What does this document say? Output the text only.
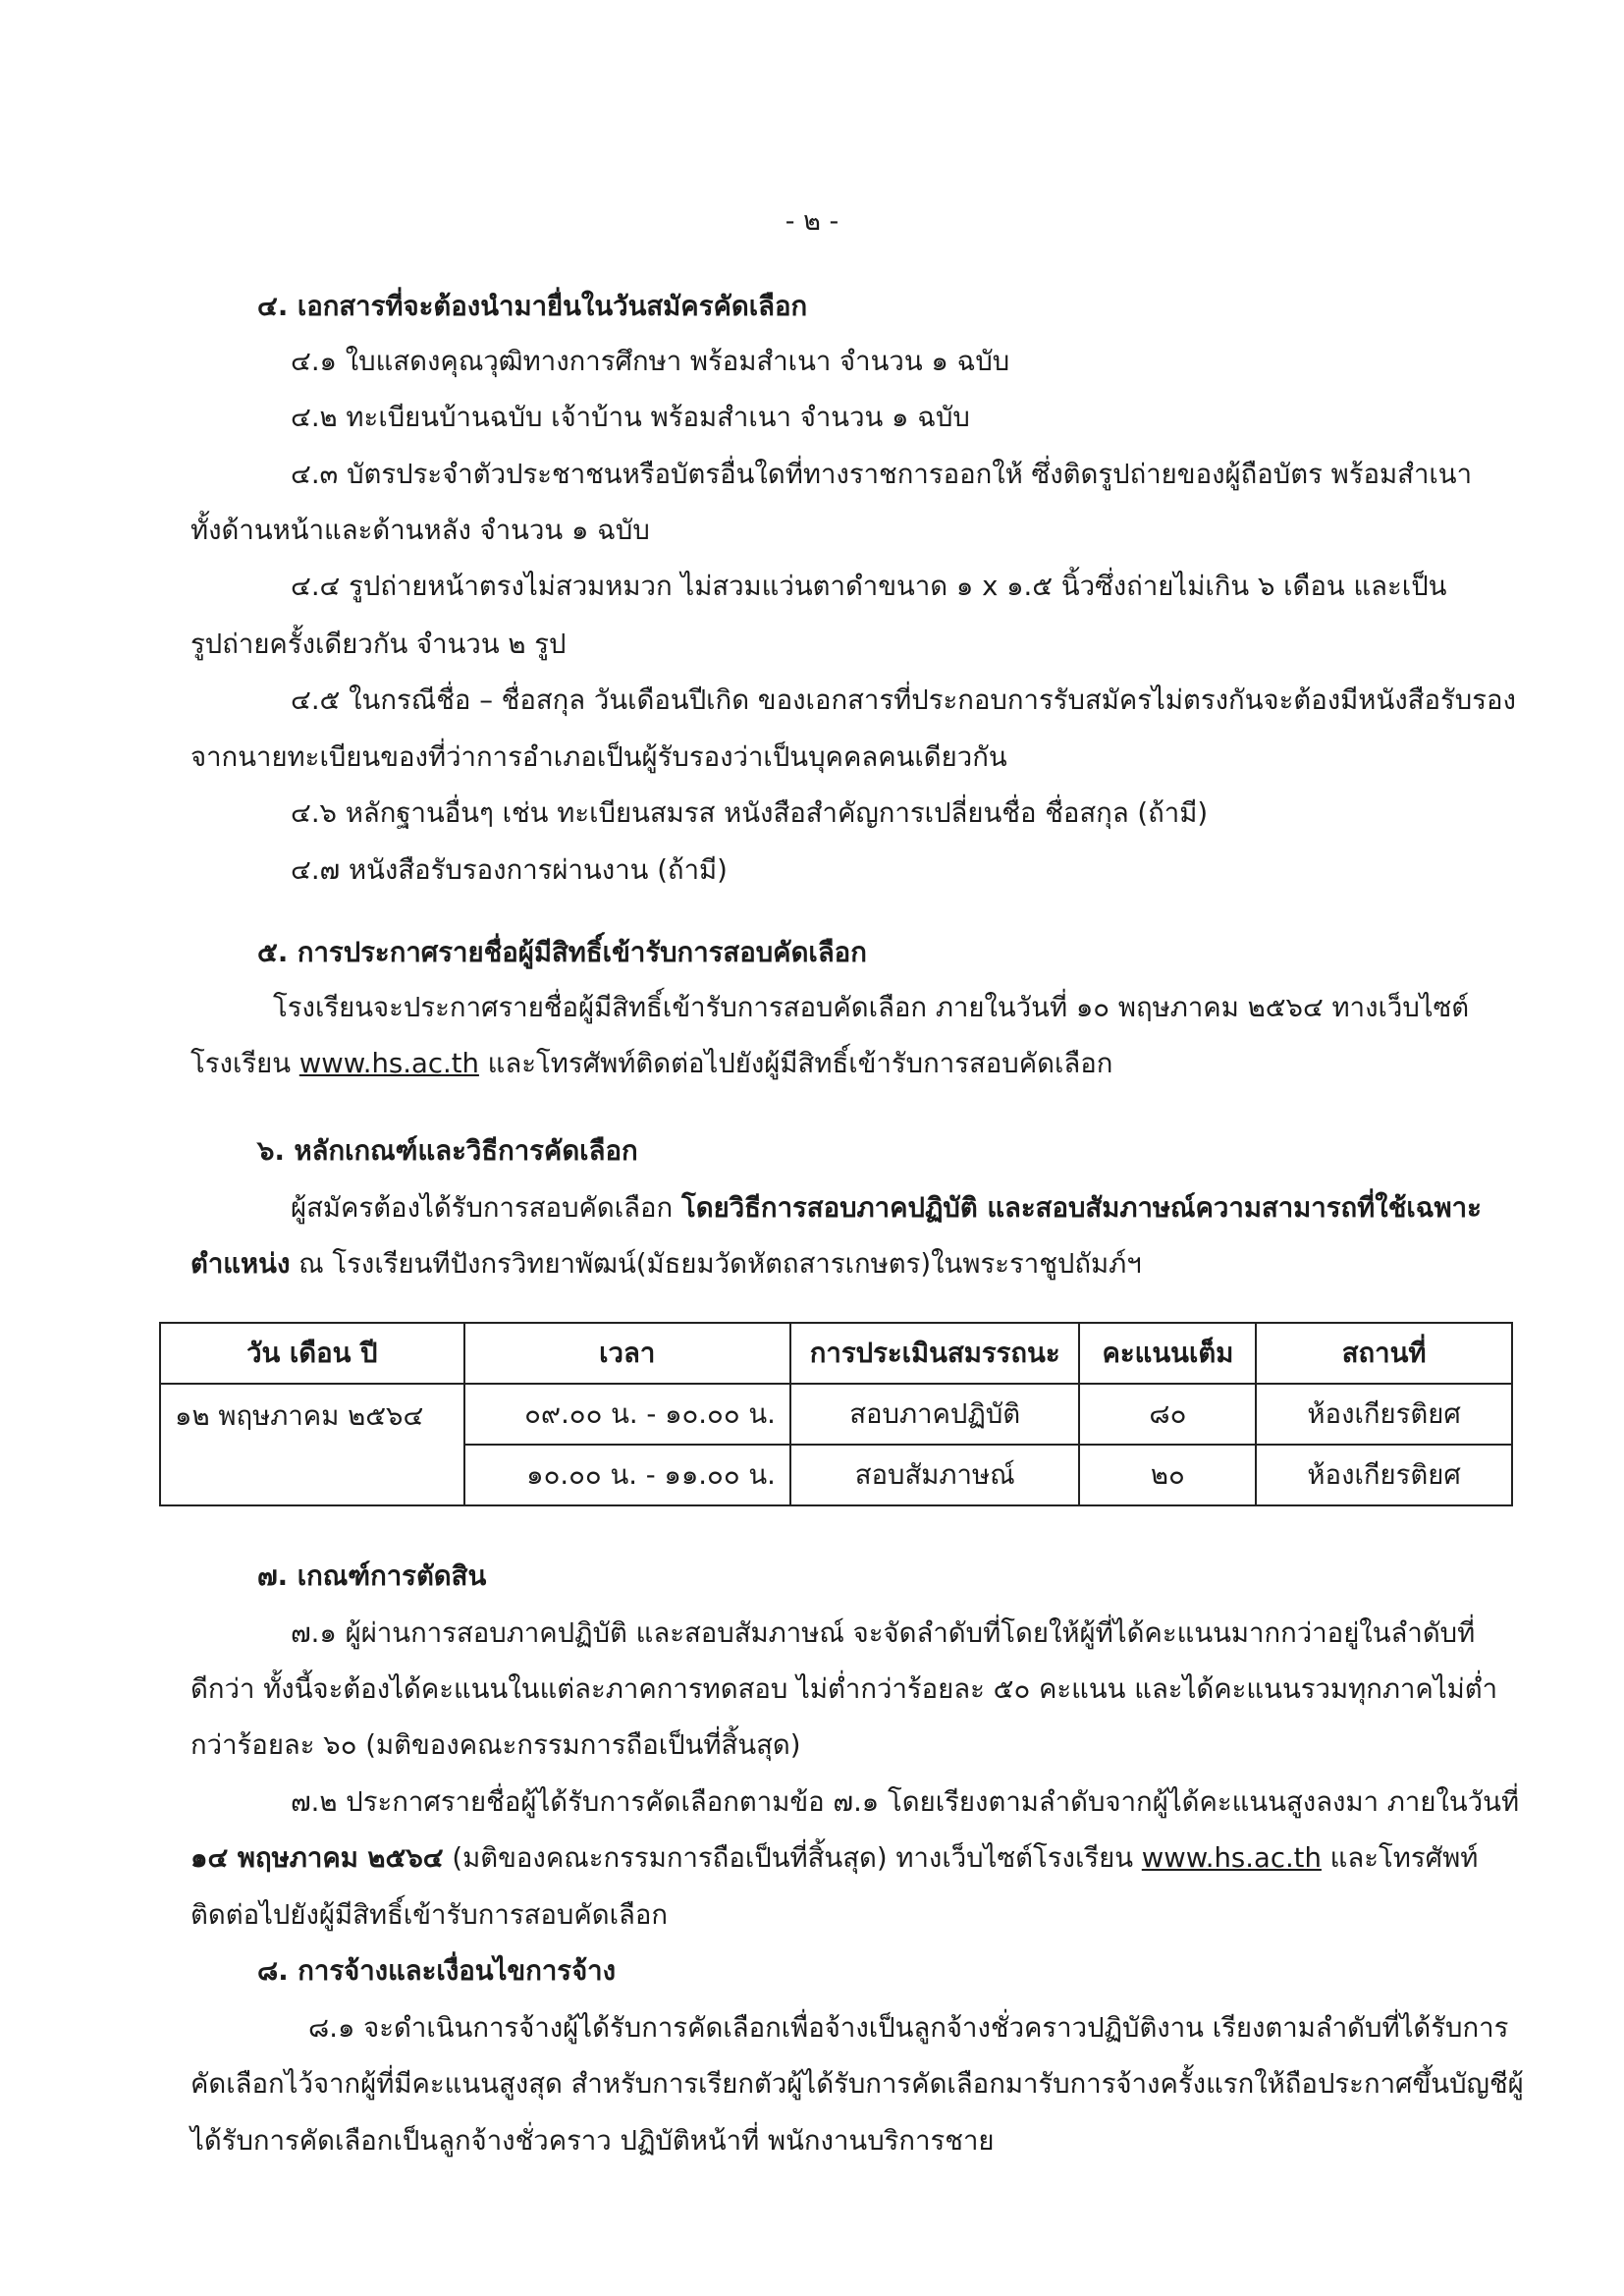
- ๒ -
๔. เอกสารที่จะต้องนำมายื่นในวันสมัครคัดเลือก
๔.๑ ใบแสดงคุณวุฒิทางการศึกษา พร้อมสำเนา จำนวน ๑ ฉบับ
๔.๒ ทะเบียนบ้านฉบับ เจ้าบ้าน พร้อมสำเนา จำนวน ๑ ฉบับ
๔.๓ บัตรประจำตัวประชาชนหรือบัตรอื่นใดที่ทางราชการออกให้ ซึ่งติดรูปถ่ายของผู้ถือบัตร พร้อมสำเนา
ทั้งด้านหน้าและด้านหลัง จำนวน ๑ ฉบับ
๔.๔ รูปถ่ายหน้าตรงไม่สวมหมวก ไม่สวมแว่นตาดำขนาด ๑ x ๑.๕ นิ้วซึ่งถ่ายไม่เกิน ๖ เดือน และเป็น
รูปถ่ายครั้งเดียวกัน จำนวน ๒ รูป
๔.๕ ในกรณีชื่อ – ชื่อสกุล วันเดือนปีเกิด ของเอกสารที่ประกอบการรับสมัครไม่ตรงกันจะต้องมีหนังสือรับรอง
จากนายทะเบียนของที่ว่าการอำเภอเป็นผู้รับรองว่าเป็นบุคคลคนเดียวกัน
๔.๖ หลักฐานอื่นๆ เช่น ทะเบียนสมรส หนังสือสำคัญการเปลี่ยนชื่อ ชื่อสกุล (ถ้ามี)
๔.๗ หนังสือรับรองการผ่านงาน (ถ้ามี)
๕. การประกาศรายชื่อผู้มีสิทธิ์เข้ารับการสอบคัดเลือก
โรงเรียนจะประกาศรายชื่อผู้มีสิทธิ์เข้ารับการสอบคัดเลือก ภายในวันที่ ๑๐ พฤษภาคม ๒๕๖๔ ทางเว็บไซต์
โรงเรียน www.hs.ac.th และโทรศัพท์ติดต่อไปยังผู้มีสิทธิ์เข้ารับการสอบคัดเลือก
๖. หลักเกณฑ์และวิธีการคัดเลือก
ผู้สมัครต้องได้รับการสอบคัดเลือก โดยวิธีการสอบภาคปฏิบัติ และสอบสัมภาษณ์ความสามารถที่ใช้เฉพาะ
ตำแหน่ง ณ โรงเรียนทีปังกรวิทยาพัฒน์(มัธยมวัดหัตถสารเกษตร)ในพระราชูปถัมภ์ฯ
วัน เดือน ปี	เวลา	การประเมินสมรรถนะ	คะแนนเต็ม	สถานที่
๑๒ พฤษภาคม ๒๕๖๔	๐๙.๐๐ น. - ๑๐.๐๐ น.	สอบภาคปฏิบัติ	๘๐	ห้องเกียรติยศ
	๑๐.๐๐ น. - ๑๑.๐๐ น.	สอบสัมภาษณ์	๒๐	ห้องเกียรติยศ
๗. เกณฑ์การตัดสิน
๗.๑ ผู้ผ่านการสอบภาคปฏิบัติ และสอบสัมภาษณ์ จะจัดลำดับที่โดยให้ผู้ที่ได้คะแนนมากกว่าอยู่ในลำดับที่
ดีกว่า ทั้งนี้จะต้องได้คะแนนในแต่ละภาคการทดสอบ ไม่ต่ำกว่าร้อยละ ๕๐ คะแนน และได้คะแนนรวมทุกภาคไม่ต่ำ
กว่าร้อยละ ๖๐ (มติของคณะกรรมการถือเป็นที่สิ้นสุด)
๗.๒ ประกาศรายชื่อผู้ได้รับการคัดเลือกตามข้อ ๗.๑ โดยเรียงตามลำดับจากผู้ได้คะแนนสูงลงมา ภายในวันที่
๑๔ พฤษภาคม ๒๕๖๔ (มติของคณะกรรมการถือเป็นที่สิ้นสุด) ทางเว็บไซต์โรงเรียน www.hs.ac.th และโทรศัพท์
ติดต่อไปยังผู้มีสิทธิ์เข้ารับการสอบคัดเลือก
๘. การจ้างและเงื่อนไขการจ้าง
๘.๑ จะดำเนินการจ้างผู้ได้รับการคัดเลือกเพื่อจ้างเป็นลูกจ้างชั่วคราวปฏิบัติงาน เรียงตามลำดับที่ได้รับการ
คัดเลือกไว้จากผู้ที่มีคะแนนสูงสุด สำหรับการเรียกตัวผู้ได้รับการคัดเลือกมารับการจ้างครั้งแรกให้ถือประกาศขึ้นบัญชีผู้
ได้รับการคัดเลือกเป็นลูกจ้างชั่วคราว ปฏิบัติหน้าที่ พนักงานบริการชาย
